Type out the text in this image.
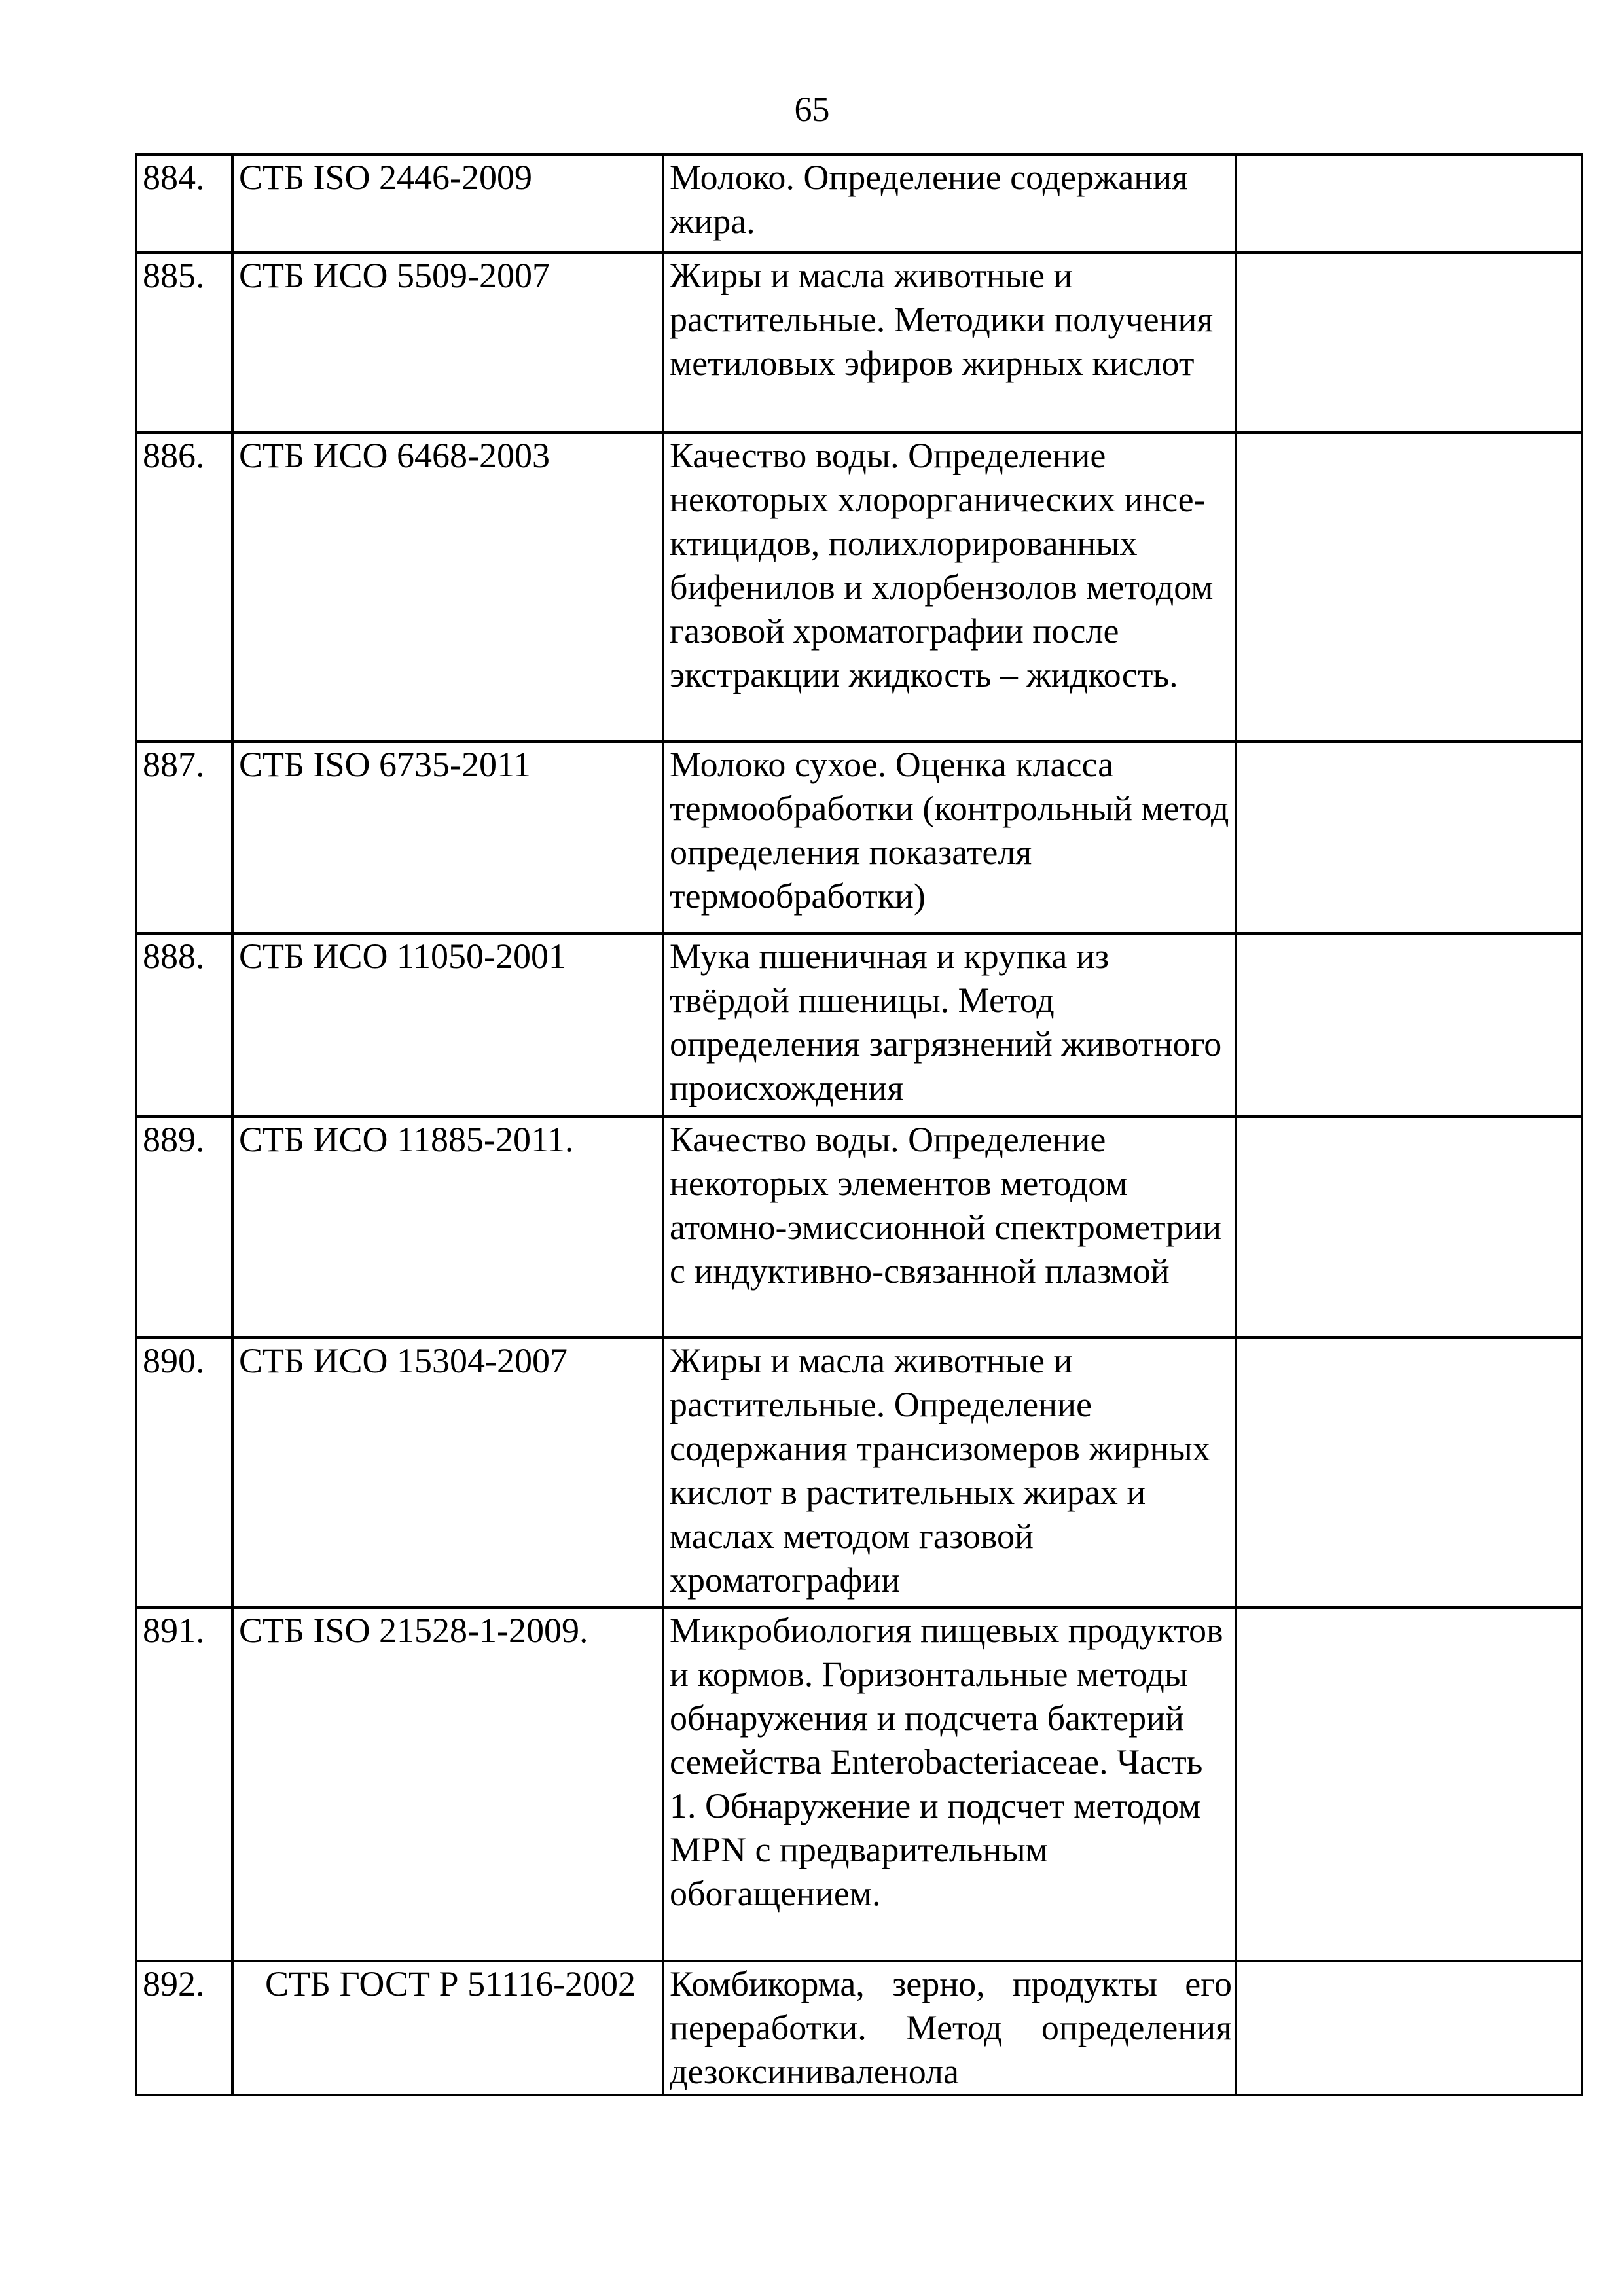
65
884.	СТБ ISO 2446-2009	Молоко. Определение содержания жира.	

885.	СТБ ИСО 5509-2007	Жиры и масла животные и растительные. Методики получения метиловых эфиров жирных кислот	

886.	СТБ ИСО 6468-2003	Качество воды. Определение некоторых хлорорганических инсе-ктицидов, полихлорированных бифенилов и хлорбензолов методом газовой хроматографии после экстракции жидкость – жидкость.	

887.	СТБ ISO 6735-2011	Молоко сухое. Оценка класса термообработки (контрольный метод определения показателя термообработки)	

888.	СТБ ИСО 11050-2001	Мука пшеничная и крупка из твёрдой пшеницы. Метод определения загрязнений животного происхождения	

889.	СТБ ИСО 11885-2011.	Качество воды. Определение некоторых элементов методом атомно-эмиссионной спектрометрии с индуктивно-связанной плазмой	

890.	СТБ ИСО 15304-2007	Жиры и масла животные и растительные. Определение содержания трансизомеров жирных кислот в растительных жирах и маслах методом газовой хроматографии	

891.	СТБ ISO 21528-1-2009.	Микробиология пищевых продуктов и кормов. Горизонтальные методы обнаружения и подсчета бактерий семейства Enterobacteriaceae. Часть 1. Обнаружение и подсчет методом MPN с предварительным обогащением.	

892.	СТБ ГОСТ Р 51116-2002	Комбикорма, зерно, продукты его переработки. Метод определения дезоксиниваленола	
